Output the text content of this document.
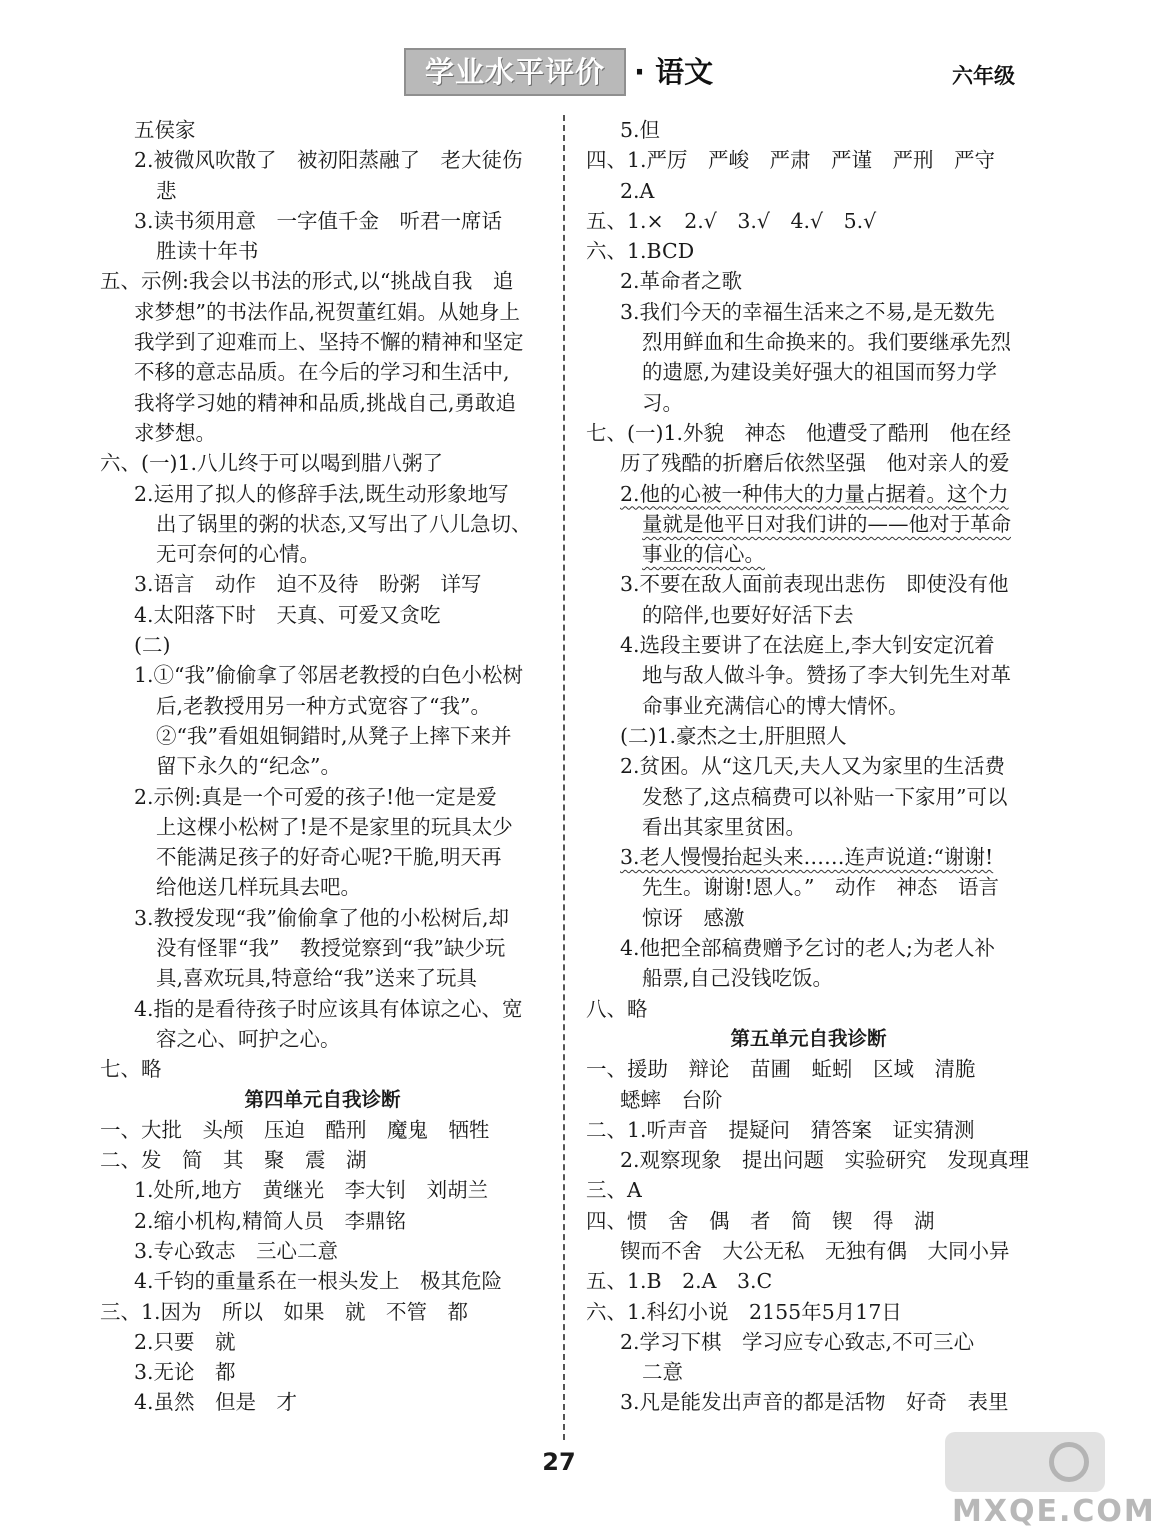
学业水平评价	· 语文	六年级
五侯家
2.被微风吹散了　被初阳蒸融了　老大徒伤
悲
3.读书须用意　一字值千金　听君一席话
胜读十年书
五、示例:我会以书法的形式,以“挑战自我　追
求梦想”的书法作品,祝贺董红娟。从她身上
我学到了迎难而上、坚持不懈的精神和坚定
不移的意志品质。在今后的学习和生活中,
我将学习她的精神和品质,挑战自己,勇敢追
求梦想。
六、(一)1.八儿终于可以喝到腊八粥了
2.运用了拟人的修辞手法,既生动形象地写
出了锅里的粥的状态,又写出了八儿急切、
无可奈何的心情。
3.语言　动作　迫不及待　盼粥　详写
4.太阳落下时　天真、可爱又贪吃
(二)
1.①“我”偷偷拿了邻居老教授的白色小松树
后,老教授用另一种方式宽容了“我”。
②“我”看姐姐铜錯时,从凳子上摔下来并
留下永久的“纪念”。
2.示例:真是一个可爱的孩子!他一定是爱
上这棵小松树了!是不是家里的玩具太少
不能满足孩子的好奇心呢?干脆,明天再
给他送几样玩具去吧。
3.教授发现“我”偷偷拿了他的小松树后,却
没有怪罪“我”　教授觉察到“我”缺少玩
具,喜欢玩具,特意给“我”送来了玩具
4.指的是看待孩子时应该具有体谅之心、宽
容之心、呵护之心。
七、略
第四单元自我诊断
一、大批　头颅　压迫　酷刑　魔鬼　牺牲
二、发　简　其　聚　震　湖
1.处所,地方　黄继光　李大钊　刘胡兰
2.缩小机构,精简人员　李鼎铭
3.专心致志　三心二意
4.千钧的重量系在一根头发上　极其危险
三、1.因为　所以　如果　就　不管　都
2.只要　就
3.无论　都
4.虽然　但是　才
5.但
四、1.严厉　严峻　严肃　严谨　严刑　严守
2.A
五、1.×　2.√　3.√　4.√　5.√
六、1.BCD
2.革命者之歌
3.我们今天的幸福生活来之不易,是无数先
烈用鲜血和生命换来的。我们要继承先烈
的遗愿,为建设美好强大的祖国而努力学
习。
七、(一)1.外貌　神态　他遭受了酷刑　他在经
历了残酷的折磨后依然坚强　他对亲人的爱
2.他的心被一种伟大的力量占据着。这个力
量就是他平日对我们讲的——他对于革命
事业的信心。
3.不要在敌人面前表现出悲伤　即使没有他
的陪伴,也要好好活下去
4.选段主要讲了在法庭上,李大钊安定沉着
地与敌人做斗争。赞扬了李大钊先生对革
命事业充满信心的博大情怀。
(二)1.豪杰之士,肝胆照人
2.贫困。从“这几天,夫人又为家里的生活费
发愁了,这点稿费可以补贴一下家用”可以
看出其家里贫困。
3.老人慢慢抬起头来……连声说道:“谢谢!
先生。谢谢!恩人。”　动作　神态　语言
惊讶　感激
4.他把全部稿费赠予乞讨的老人;为老人补
船票,自己没钱吃饭。
八、略
第五单元自我诊断
一、援助　辩论　苗圃　蚯蚓　区域　清脆
蟋蟀　台阶
二、1.听声音　提疑问　猜答案　证实猜测
2.观察现象　提出问题　实验研究　发现真理
三、A
四、惯　舍　偶　者　简　锲　得　湖
锲而不舍　大公无私　无独有偶　大同小异
五、1.B　2.A　3.C
六、1.科幻小说　2155年5月17日
2.学习下棋　学习应专心致志,不可三心
二意
3.凡是能发出声音的都是活物　好奇　表里
27
MXQE.COM
